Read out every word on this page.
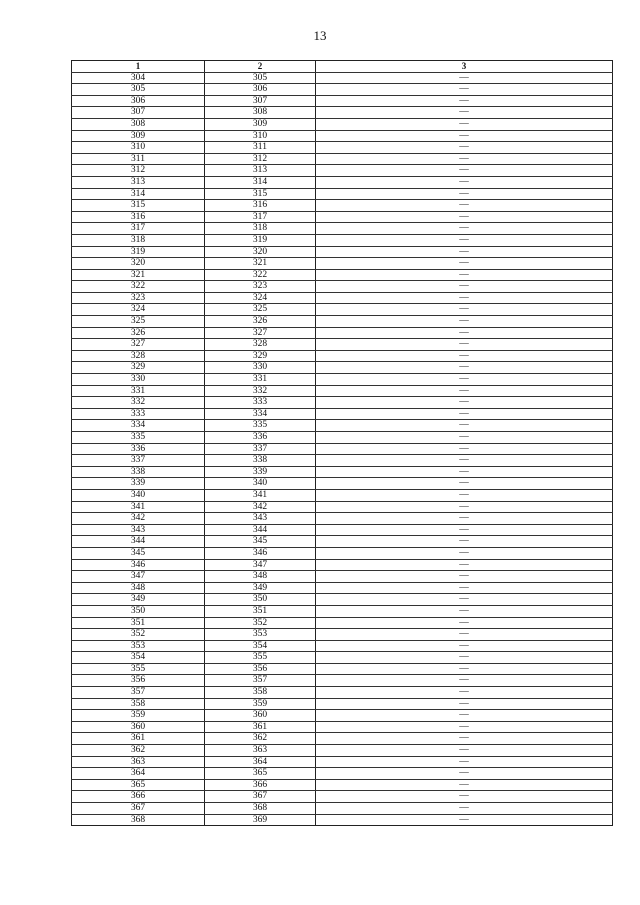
13
1	2	3
304	305	—
305	306	—
306	307	—
307	308	—
308	309	—
309	310	—
310	311	—
311	312	—
312	313	—
313	314	—
314	315	—
315	316	—
316	317	—
317	318	—
318	319	—
319	320	—
320	321	—
321	322	—
322	323	—
323	324	—
324	325	—
325	326	—
326	327	—
327	328	—
328	329	—
329	330	—
330	331	—
331	332	—
332	333	—
333	334	—
334	335	—
335	336	—
336	337	—
337	338	—
338	339	—
339	340	—
340	341	—
341	342	—
342	343	—
343	344	—
344	345	—
345	346	—
346	347	—
347	348	—
348	349	—
349	350	—
350	351	—
351	352	—
352	353	—
353	354	—
354	355	—
355	356	—
356	357	—
357	358	—
358	359	—
359	360	—
360	361	—
361	362	—
362	363	—
363	364	—
364	365	—
365	366	—
366	367	—
367	368	—
368	369	—
